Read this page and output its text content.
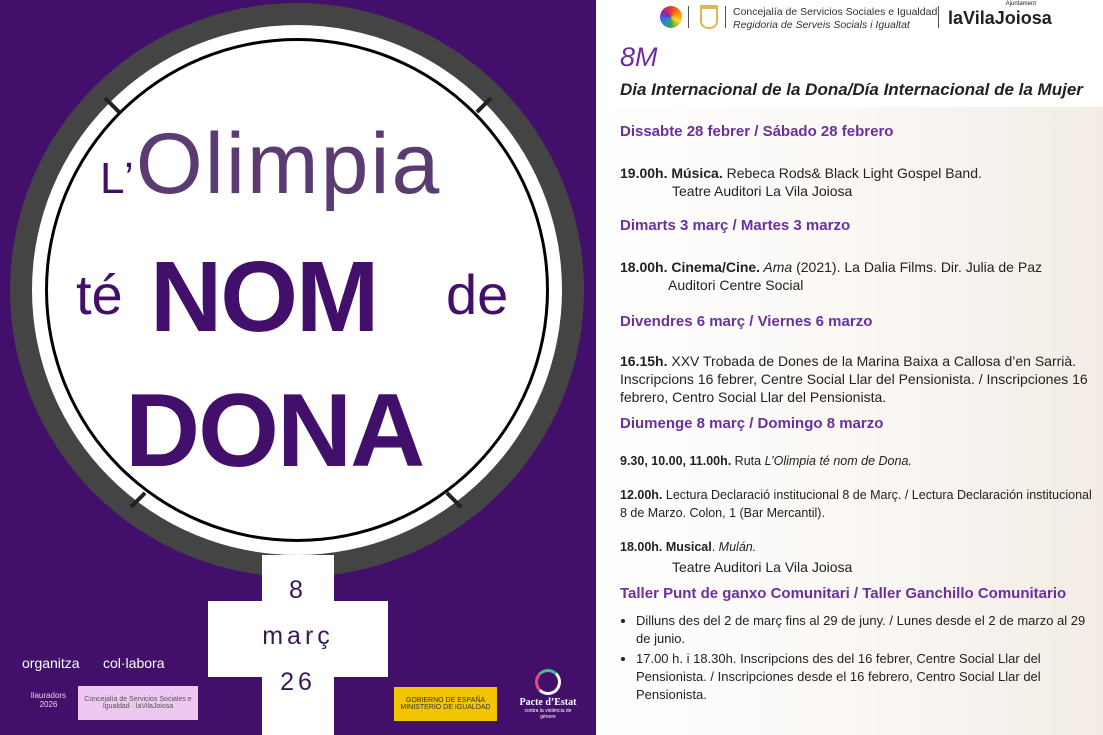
L’Olimpia
té NOM de
DONA
8
març
26
organitza col·labora
llauradors 2026	Concejalía de Servicios Sociales e Igualdad · laVilaJoiosa
GOBIERNO DE ESPAÑA MINISTERIO DE IGUALDAD	Pacte d’Estat
contra la violència de gènere
Concejalía de Servicios Sociales e Igualdad
Regidoria de Serveis Socials i Igualtat
Ajuntament
laVilaJoiosa
8M
Dia Internacional de la Dona/Día Internacional de la Mujer
Dissabte 28 febrer / Sábado 28 febrero
19.00h. Música. Rebeca Rods& Black Light Gospel Band.
Teatre Auditori La Vila Joiosa
Dimarts 3 març / Martes 3 marzo
18.00h. Cinema/Cine. Ama (2021). La Dalia Films. Dir. Julia de Paz
Auditori Centre Social
Divendres 6 març / Viernes 6 marzo
16.15h. XXV Trobada de Dones de la Marina Baixa a Callosa d’en Sarrià. Inscripcions 16 febrer, Centre Social Llar del Pensionista. / Inscripciones 16 febrero, Centro Social Llar del Pensionista.
Diumenge 8 març / Domingo 8 marzo
9.30, 10.00, 11.00h. Ruta L’Olimpia té nom de Dona.
12.00h. Lectura Declaració institucional 8 de Març. / Lectura Declaración institucional 8 de Marzo. Colon, 1 (Bar Mercantil).
18.00h. Musical. Mulán.
Teatre Auditori La Vila Joiosa
Taller Punt de ganxo Comunitari / Taller Ganchillo Comunitario
• Dilluns des del 2 de març fins al 29 de juny. / Lunes desde el 2 de marzo al 29 de junio.
• 17.00 h. i 18.30h. Inscripcions des del 16 febrer, Centre Social Llar del Pensionista. / Inscripciones desde el 16 febrero, Centro Social Llar del Pensionista.
